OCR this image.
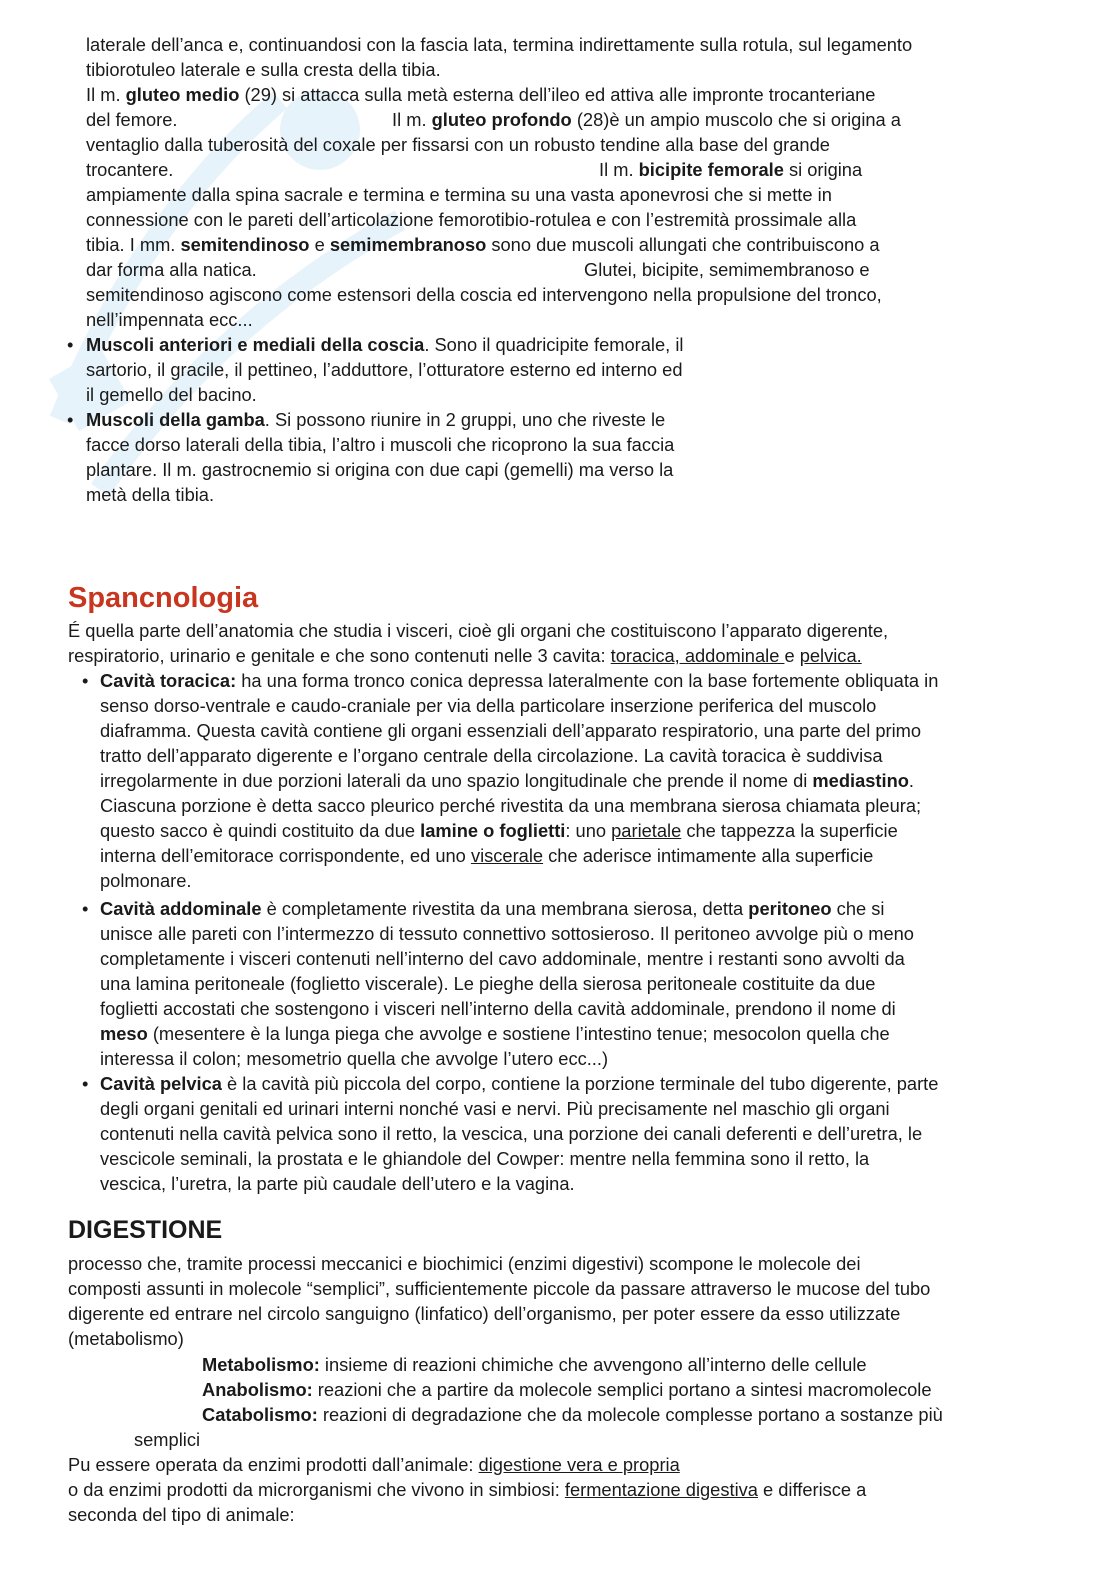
laterale dell’anca e, continuandosi con la fascia lata, termina indirettamente sulla rotula, sul legamento
tibiorotuleo laterale e sulla cresta della tibia.
Il m. gluteo medio (29) si attacca sulla metà esterna dell’ileo ed attiva alle impronte trocanteriane
del femore.	Il m. gluteo profondo (28)è un ampio muscolo che si origina a
ventaglio dalla tuberosità del coxale per fissarsi con un robusto tendine alla base del grande
trocantere.	Il m. bicipite femorale si origina
ampiamente dalla spina sacrale e termina e termina su una vasta aponevrosi che si mette in
connessione con le pareti dell’articolazione femorotibio-rotulea e con l’estremità prossimale alla
tibia. I mm. semitendinoso e semimembranoso sono due muscoli allungati che contribuiscono a
dar forma alla natica.	Glutei, bicipite, semimembranoso e
semitendinoso agiscono come estensori della coscia ed intervengono nella propulsione del tronco,
nell’impennata ecc...
• Muscoli anteriori e mediali della coscia. Sono il quadricipite femorale, il
sartorio, il gracile, il pettineo, l’adduttore, l’otturatore esterno ed interno ed
il gemello del bacino.
• Muscoli della gamba. Si possono riunire in 2 gruppi, uno che riveste le
facce dorso laterali della tibia, l’altro i muscoli che ricoprono la sua faccia
plantare. Il m. gastrocnemio si origina con due capi (gemelli) ma verso la
metà della tibia.
Spancnologia
É quella parte dell’anatomia che studia i visceri, cioè gli organi che costituiscono l’apparato digerente,
respiratorio, urinario e genitale e che sono contenuti nelle 3 cavita: toracica, addominale e pelvica.
• Cavità toracica: ha una forma tronco conica depressa lateralmente con la base fortemente obliquata in
senso dorso-ventrale e caudo-craniale per via della particolare inserzione periferica del muscolo
diaframma. Questa cavità contiene gli organi essenziali dell’apparato respiratorio, una parte del primo
tratto dell’apparato digerente e l’organo centrale della circolazione. La cavità toracica è suddivisa
irregolarmente in due porzioni laterali da uno spazio longitudinale che prende il nome di mediastino.
Ciascuna porzione è detta sacco pleurico perché rivestita da una membrana sierosa chiamata pleura;
questo sacco è quindi costituito da due lamine o foglietti: uno parietale che tappezza la superficie
interna dell’emitorace corrispondente, ed uno viscerale che aderisce intimamente alla superficie
polmonare.
• Cavità addominale è completamente rivestita da una membrana sierosa, detta peritoneo che si
unisce alle pareti con l’intermezzo di tessuto connettivo sottosieroso. Il peritoneo avvolge più o meno
completamente i visceri contenuti nell’interno del cavo addominale, mentre i restanti sono avvolti da
una lamina peritoneale (foglietto viscerale). Le pieghe della sierosa peritoneale costituite da due
foglietti accostati che sostengono i visceri nell’interno della cavità addominale, prendono il nome di
meso (mesentere è la lunga piega che avvolge e sostiene l’intestino tenue; mesocolon quella che
interessa il colon; mesometrio quella che avvolge l’utero ecc...)
• Cavità pelvica è la cavità più piccola del corpo, contiene la porzione terminale del tubo digerente, parte
degli organi genitali ed urinari interni nonché vasi e nervi. Più precisamente nel maschio gli organi
contenuti nella cavità pelvica sono il retto, la vescica, una porzione dei canali deferenti e dell’uretra, le
vescicole seminali, la prostata e le ghiandole del Cowper: mentre nella femmina sono il retto, la
vescica, l’uretra, la parte più caudale dell’utero e la vagina.
DIGESTIONE
processo che, tramite processi meccanici e biochimici (enzimi digestivi) scompone le molecole dei
composti assunti in molecole “semplici”, sufficientemente piccole da passare attraverso le mucose del tubo
digerente ed entrare nel circolo sanguigno (linfatico) dell’organismo, per poter essere da esso utilizzate
(metabolismo)
Metabolismo: insieme di reazioni chimiche che avvengono all’interno delle cellule
Anabolismo: reazioni che a partire da molecole semplici portano a sintesi macromolecole
Catabolismo: reazioni di degradazione che da molecole complesse portano a sostanze più
semplici
Pu essere operata da enzimi prodotti dall’animale: digestione vera e propria
o da enzimi prodotti da microrganismi che vivono in simbiosi: fermentazione digestiva e differisce a
seconda del tipo di animale:
